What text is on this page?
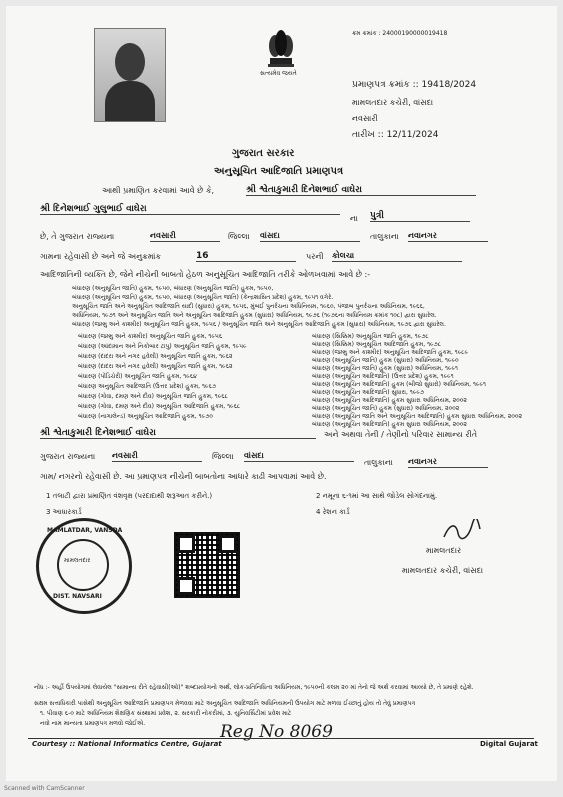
સત્યમેવ જયતે
ક્રમ ક્રમાંક : 24000190000019418
પ્રમાણપત્ર ક્રમાંક :: 19418/2024
મામલતદાર કચેરી, વાંસદા
નવસારી
તારીખ :: 12/11/2024
ગુજરાત સરકાર
અનુસૂચિત આદિજાતિ પ્રમાણપત્ર
આથી પ્રમાણિત કરવામાં આવે છે કે,	શ્રી શ્વેતાકુમારી દિનેશભાઈ વાઘેરા
શ્રી દિનેશભાઈ ગુલુભાઈ વાઘેરા
ના પુત્રી
છે, તે ગુજરાત રાજ્યના	નવસારી	જિલ્લા વાંસદા	તાલુકાના નવાનગર
ગામના રહેવાસી છે અને જે અનુક્રમાંક	16	પરની કોલચા
આદિજાતિની વ્યક્તિ છે, જેને નીચેની બાબતો હેઠળ અનુસૂચિત આદિજાતિ તરીકે ઓળખવામાં આવે છે :-
બંધારણ (અનુસૂચિત જાતિ) હુકમ, ૧૯૫૦, બંધારણ (અનુસૂચિત જાતિ) હુકમ, ૧૯૫૦,
બંધારણ (અનુસૂચિત જાતિ) હુકમ, ૧૯૫૦, બંધારણ (અનુસૂચિત જાતિ) (કેન્દ્રશાસિત પ્રદેશ) હુકમ, ૧૯૫૧ વગેરે.
અનુસૂચિત જાતિ અને અનુસૂચિત આદિજાતિ યાદી (સુધારા) હુકમ, ૧૯૫૬, મુંબઈ પુનર્રચના અધિનિયમ, ૧૯૬૦, પંજાબ પુનર્રચના અધિનિયમ, ૧૯૬૬,
અધિનિયમ, ૧૯૭૧ અને અનુસૂચિત જાતિ અને અનુસૂચિત આદિજાતિ હુકમ (સુધારા) અધિનિયમ, ૧૯૭૬ (૧૯૭૬ના અધિનિયમ ક્રમાંક ૧૦૮) દ્વારા સુધારેલ.
બંધારણ (જમ્મુ અને કાશ્મીર) અનુસૂચિત જાતિ હુકમ, ૧૯૫૬ / અનુસૂચિત જાતિ અને અનુસૂચિત આદિજાતિ હુકમ (સુધારા) અધિનિયમ, ૧૯૭૬ દ્વારા સુધારેલ.
બંધારણ (જમ્મુ અને કાશ્મીર) અનુસૂચિત જાતિ હુકમ, ૧૯૫૬
બંધારણ (આંદામાન અને નિકોબાર ટાપુ) અનુસૂચિત જાતિ હુકમ, ૧૯૫૯
બંધારણ (દાદરા અને નગર હવેલી) અનુસૂચિત જાતિ હુકમ, ૧૯૬૨
બંધારણ (દાદરા અને નગર હવેલી) અનુસૂચિત જાતિ હુકમ, ૧૯૬૨
બંધારણ (પોંડિચેરી) અનુસૂચિત જાતિ હુકમ, ૧૯૬૪
બંધારણ અનુસૂચિત આદિજાતિ (ઉત્તર પ્રદેશ) હુકમ, ૧૯૬૭
બંધારણ (ગોવા, દમણ અને દીવ) અનુસૂચિત જાતિ હુકમ, ૧૯૬૮
બંધારણ (ગોવા, દમણ અને દીવ) અનુસૂચિત આદિજાતિ હુકમ, ૧૯૬૮
બંધારણ (નાગાલેન્ડ) અનુસૂચિત આદિજાતિ હુકમ, ૧૯૭૦
બંધારણ (સિક્કિમ) અનુસૂચિત જાતિ હુકમ, ૧૯૭૮
બંધારણ (સિક્કિમ) અનુસૂચિત આદિજાતિ હુકમ, ૧૯૭૮
બંધારણ (જમ્મુ અને કાશ્મીર) અનુસૂચિત આદિજાતિ હુકમ, ૧૯૮૯
બંધારણ (અનુસૂચિત જાતિ) હુકમ (સુધારા) અધિનિયમ, ૧૯૯૦
બંધારણ (અનુસૂચિત જાતિ) હુકમ (સુધારા) અધિનિયમ, ૧૯૯૧
બંધારણ (અનુસૂચિત આદિજાતિ) (ઉત્તર પ્રદેશ) હુકમ, ૧૯૯૧
બંધારણ (અનુસૂચિત આદિજાતિ) હુકમ (બીજો સુધારો) અધિનિયમ, ૧૯૯૧
બંધારણ (અનુસૂચિત આદિજાતિ) સુધારા, ૧૯૯૭
બંધારણ (અનુસૂચિત આદિજાતિ) હુકમ સુધારા અધિનિયમ, ૨૦૦૨
બંધારણ (અનુસૂચિત જાતિ) હુકમ (સુધારા) અધિનિયમ, ૨૦૦૨
બંધારણ (અનુસૂચિત જાતિ અને અનુસૂચિત આદિજાતિ) હુકમ સુધારા અધિનિયમ, ૨૦૦૨
બંધારણ (અનુસૂચિત આદિજાતિ) હુકમ સુધારા અધિનિયમ, ૨૦૦૨
શ્રી શ્વેતાકુમારી દિનેશભાઈ વાઘેરા	અને અથવા તેની / તેણીનો પરિવાર સામાન્ય રીતે
ગુજરાત રાજ્યના નવસારી	જિલ્લા વાંસદા
તાલુકાના નવાનગર
ગામ/ નગરનો રહેવાસી છે. આ પ્રમાણપત્ર નીચેની બાબતોના આધારે કાઢી આપવામાં આવે છે.
1 તલાટી દ્વારા પ્રમાણિત વંશવૃક્ષ (પરદાદાથી શરૂઆત કરીને.)	2 નમૂના ૬-૧માં આ સાથે જોડેલ સોગંદનામું.
3 આધારકાર્ડ	4 રેશન કાર્ડ
MAMLATDAR, VANSDA
મામલતદાર
DIST. NAVSARI
મામલતદાર
મામલતદાર કચેરી, વાંસદા
નોંધ :- અહીં ઉપયોગમાં લેવાયેલ "સામાન્ય રીતે રહેવાસી(ઓ)" શબ્દપ્રયોગનો અર્થ, લોક-પ્રતિનિધિત્વ અધિનિયમ, ૧૯૫૦ની કલમ ૨૦ માં તેનો જે અર્થ કરવામાં આવ્યો છે, તે પ્રમાણે રહેશે.
સક્ષમ સત્તાધિકારી પાસેથી અનુસૂચિત આદિજાતિ પ્રમાણપત્ર મેળવવા માટે અનુસૂચિત આદિજાતિ અધિનિયમની ઉપયોગ માટે મળવા ઈચ્છાતું હોય તો તેવું પ્રમાણપત્ર
૧. પીવાણ ૬-૦ માટે અધિનિયમ શૈક્ષણિક સંસ્થામાં પ્રવેશ, ૨. સરકારી નોકરીમાં, ૩. યુનિવર્સિટીમાં પ્રવેશ માટે
નવો નામ માન્યતા પ્રમાણપત્ર મળવો જોઈએ.	Reg No 8069
Courtesy :: National Informatics Centre, Gujarat	Digital Gujarat
Scanned with CamScanner
